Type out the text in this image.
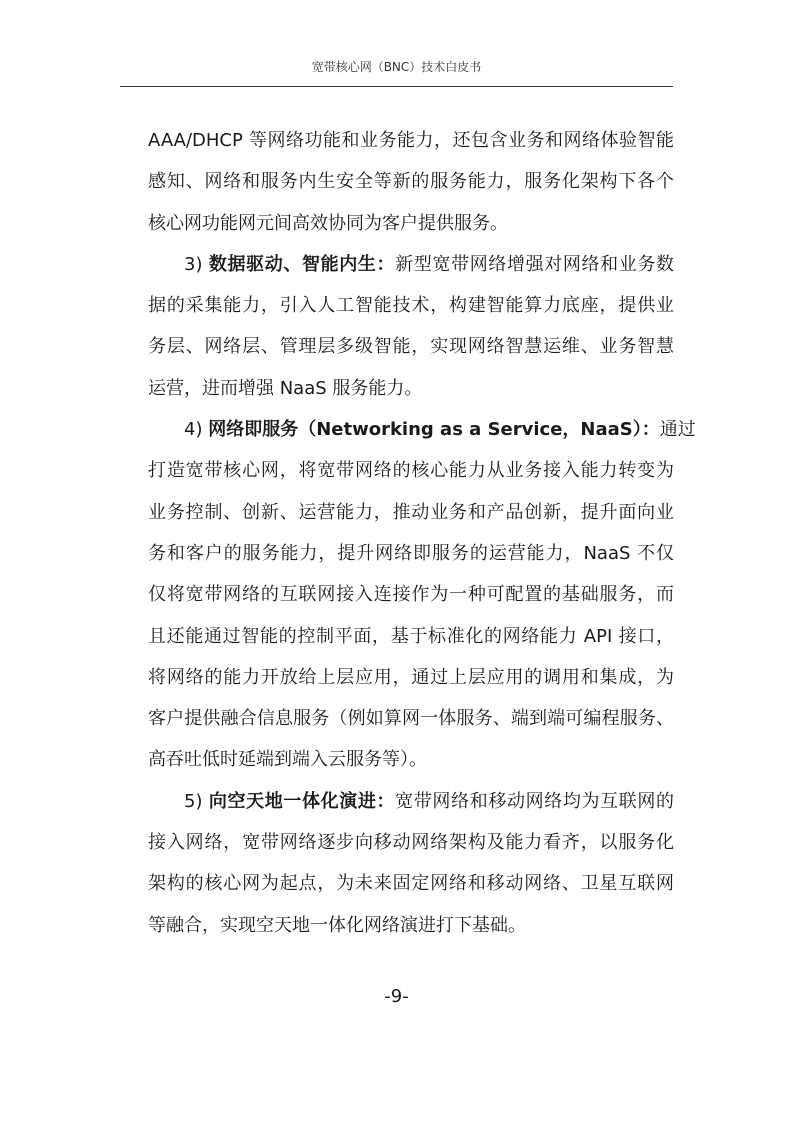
宽带核心网（BNC）技术白皮书
AAA/DHCP 等网络功能和业务能力，还包含业务和网络体验智能
感知、网络和服务内生安全等新的服务能力，服务化架构下各个
核心网功能网元间高效协同为客户提供服务。
3) 数据驱动、智能内生：新型宽带网络增强对网络和业务数
据的采集能力，引入人工智能技术，构建智能算力底座，提供业
务层、网络层、管理层多级智能，实现网络智慧运维、业务智慧
运营，进而增强 NaaS 服务能力。
4) 网络即服务（Networking as a Service，NaaS）：通过
打造宽带核心网，将宽带网络的核心能力从业务接入能力转变为
业务控制、创新、运营能力，推动业务和产品创新，提升面向业
务和客户的服务能力，提升网络即服务的运营能力，NaaS 不仅
仅将宽带网络的互联网接入连接作为一种可配置的基础服务，而
且还能通过智能的控制平面，基于标准化的网络能力 API 接口，
将网络的能力开放给上层应用，通过上层应用的调用和集成，为
客户提供融合信息服务（例如算网一体服务、端到端可编程服务、
高吞吐低时延端到端入云服务等）。
5) 向空天地一体化演进：宽带网络和移动网络均为互联网的
接入网络，宽带网络逐步向移动网络架构及能力看齐，以服务化
架构的核心网为起点，为未来固定网络和移动网络、卫星互联网
等融合，实现空天地一体化网络演进打下基础。
-9-
